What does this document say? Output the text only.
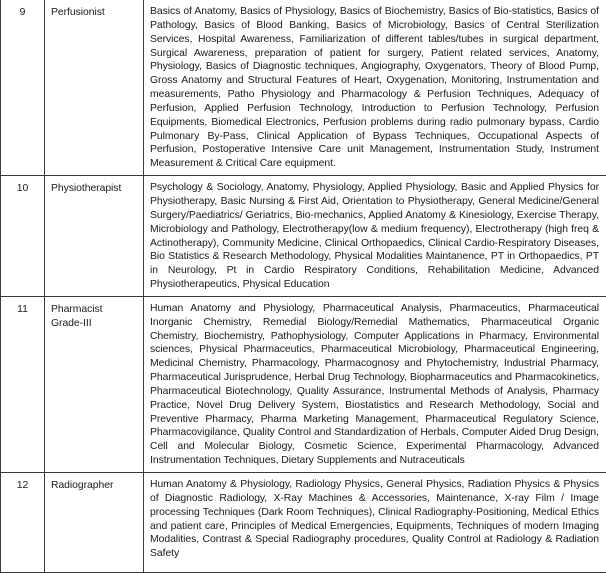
9	Perfusionist	Basics of Anatomy, Basics of Physiology, Basics of Biochemistry, Basics of Bio-statistics, Basics of Pathology, Basics of Blood Banking, Basics of Microbiology, Basics of Central Sterilization Services, Hospital Awareness, Familiarization of different tables/tubes in surgical department, Surgical Awareness, preparation of patient for surgery, Patient related services, Anatomy, Physiology, Basics of Diagnostic techniques, Angiography, Oxygenators, Theory of Blood Pump, Gross Anatomy and Structural Features of Heart, Oxygenation, Monitoring, Instrumentation and measurements, Patho Physiology and Pharmacology & Perfusion Techniques, Adequacy of Perfusion, Applied Perfusion Technology, Introduction to Perfusion Technology, Perfusion Equipments, Biomedical Electronics, Perfusion problems during radio pulmonary bypass, Cardio Pulmonary By-Pass, Clinical Application of Bypass Techniques, Occupational Aspects of Perfusion, Postoperative Intensive Care unit Management, Instrumentation Study, Instrument Measurement & Critical Care equipment.
10	Physiotherapist	Psychology & Sociology, Anatomy, Physiology, Applied Physiology, Basic and Applied Physics for Physiotherapy, Basic Nursing & First Aid, Orientation to Physiotherapy, General Medicine/General Surgery/Paediatrics/ Geriatrics, Bio-mechanics, Applied Anatomy & Kinesiology, Exercise Therapy, Microbiology and Pathology, Electrotherapy(low & medium frequency), Electrotherapy (high freq & Actinotherapy), Community Medicine, Clinical Orthopaedics, Clinical Cardio-Respiratory Diseases, Bio Statistics & Research Methodology, Physical Modalities Maintanence, PT in Orthopaedics, PT in Neurology, Pt in Cardio Respiratory Conditions, Rehabilitation Medicine, Advanced Physiotherapeutics, Physical Education
11	Pharmacist Grade-III	Human Anatomy and Physiology, Pharmaceutical Analysis, Pharmaceutics, Pharmaceutical Inorganic Chemistry, Remedial Biology/Remedial Mathematics, Pharmaceutical Organic Chemistry, Biochemistry, Pathophysiology, Computer Applications in Pharmacy, Environmental sciences, Physical Pharmaceutics, Pharmaceutical Microbiology, Pharmaceutical Engineering, Medicinal Chemistry, Pharmacology, Pharmacognosy and Phytochemistry, Industrial Pharmacy, Pharmaceutical Jurisprudence, Herbal Drug Technology, Biopharmaceutics and Pharmacokinetics, Pharmaceutical Biotechnology, Quality Assurance, Instrumental Methods of Analysis, Pharmacy Practice, Novel Drug Delivery System, Biostatistics and Research Methodology, Social and Preventive Pharmacy, Pharma Marketing Management, Pharmaceutical Regulatory Science, Pharmacovigilance, Quality Control and Standardization of Herbals, Computer Aided Drug Design, Cell and Molecular Biology, Cosmetic Science, Experimental Pharmacology, Advanced Instrumentation Techniques, Dietary Supplements and Nutraceuticals
12	Radiographer	Human Anatomy & Physiology, Radiology Physics, General Physics, Radiation Physics & Physics of Diagnostic Radiology, X-Ray Machines & Accessories, Maintenance, X-ray Film / Image processing Techniques (Dark Room Techniques), Clinical Radiography-Positioning, Medical Ethics and patient care, Principles of Medical Emergencies, Equipments, Techniques of modern Imaging Modalities, Contrast & Special Radiography procedures, Quality Control at Radiology & Radiation Safety
